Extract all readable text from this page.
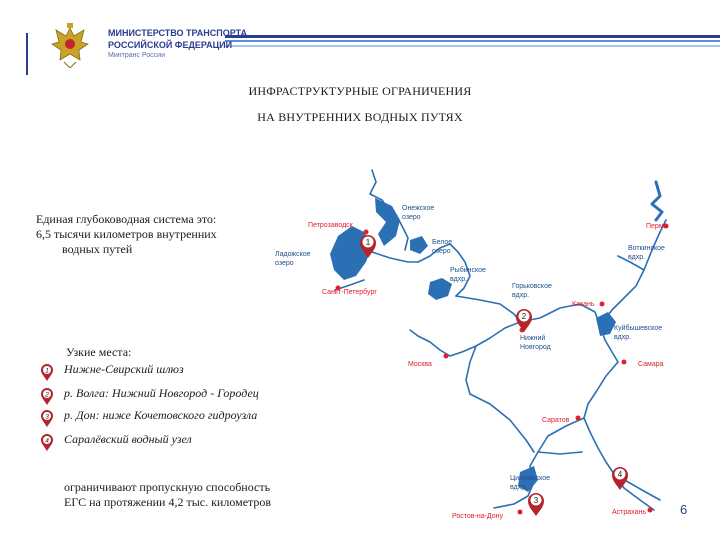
МИНИСТЕРСТВО ТРАНСПОРТА
РОССИЙСКОЙ ФЕДЕРАЦИИ
Минтранс России
ИНФРАСТРУКТУРНЫЕ ОГРАНИЧЕНИЯ
НА ВНУТРЕННИХ ВОДНЫХ ПУТЯХ
Единая глубоководная система это:
6,5 тысячи километров внутренних
водных путей
Узкие места:
1 Нижне-Свирский шлюз
2 р. Волга: Нижний Новгород - Городец
3 р. Дон: ниже Кочетовского гидроузла
4 Саралёвский водный узел
ограничивают пропускную способность
ЕГС на протяжении 4,2 тыс. километров
1
2
3
4
Онежское
озеро
Петрозаводск
Ладожское
озеро
Белое
озеро
Пермь
Воткинское
вдхр.
Рыбинское
вдхр.
Санкт-Петербург
Горьковское
вдхр.
Казань
Куйбышевское
вдхр.
Нижний
Новгород
Москва	Самара
Саратов
Цимлянское
вдхр.
Ростов-на-Дону
Астрахань	6
